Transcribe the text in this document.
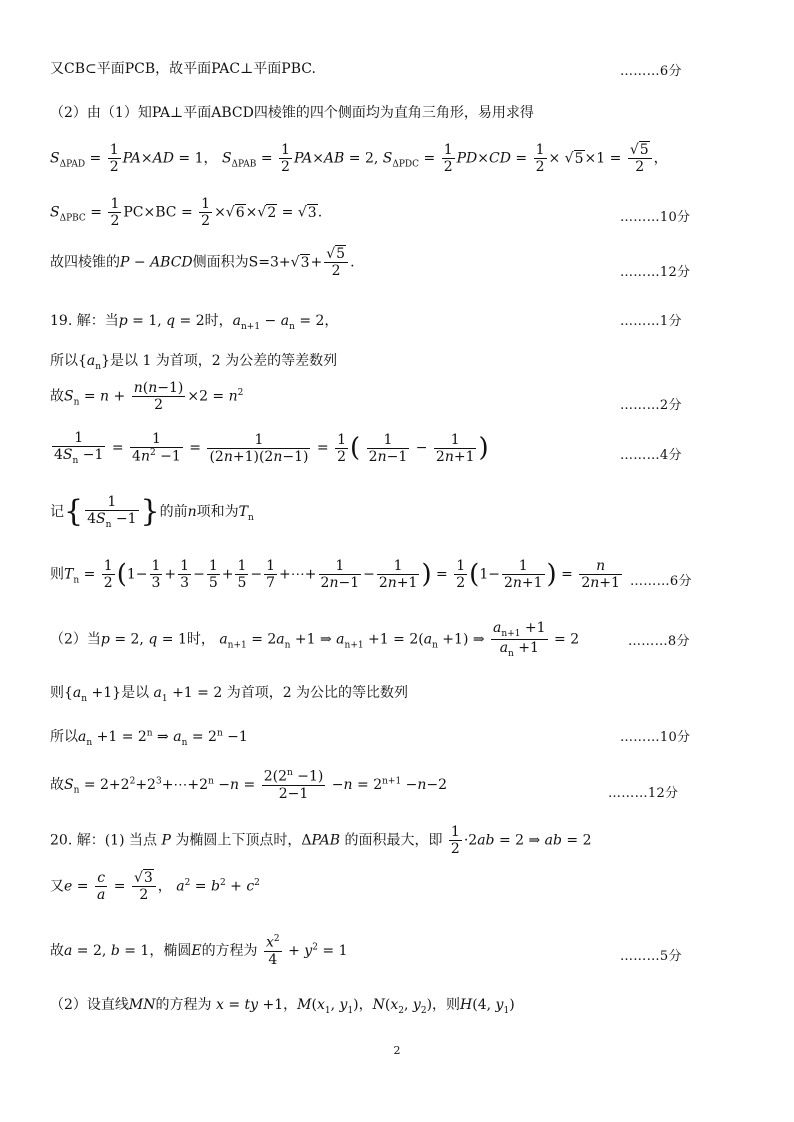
又CB⊂平面PCB，故平面PAC⊥平面PBC.	………6分
（2）由（1）知PA⊥平面ABCD四棱锥的四个侧面均为直角三角形，易用求得
$S_{\Delta PAD} = \frac{1}{2} PA\times AD = 1$， $S_{\Delta PAB} = \frac{1}{2} PA\times AB = 2$, $S_{\Delta PDC} = \frac{1}{2} PD\times CD = \frac{1}{2} \times √5\times 1 = \frac{√5}{2}$ ，
$S_{\Delta PBC} = \frac{1}{2} PC\times BC = \frac{1}{2} \times√6\times√2 = √3$.	………10分
故四棱锥的P − ABCD侧面积为$S=3+√3+ \frac{√5}{2}$ .
………12分
19. 解：当p = 1, q = 2时，$a_{n+1} - a_n = 2$，	………1分
所以$\{a_n\}$是以 1 为首项，2 为公差的等差数列
故$S_n = n + \frac{n(n-1)}{2} \times 2 = n^2$
………2分
$\frac{1}{4S_n -1} = \frac{1}{4n^2 -1} = \frac{1}{(2n+1)(2n-1)} = \frac{1}{2}$ ( $\frac{1}{2n-1} - \frac{1}{2n+1}$ )	………4分
记{ $\frac{1}{4S_n -1}$ }的前n项和为$T_n$
则$T_n = \frac{1}{2} (1- \frac{1}{3} + \frac{1}{3} - \frac{1}{5} + \frac{1}{5} - \frac{1}{7}$ +⋯+ $\frac{1}{2n-1} - \frac{1}{2n+1}$ ) = $\frac{1}{2} (1- \frac{1}{2n+1}$ ) = $\frac{n}{2n+1}$ ………6分
（2）当p = 2, q = 1时， $a_{n+1} = 2a_n +1$ ⇒ $a_{n+1} +1 = 2(a_n +1)$ ⇒ $\frac{a_{n+1} +1}{a_n +1} = 2$	………8分
则$\{a_n +1\}$是以 $a_1 +1 = 2$ 为首项，2 为公比的等比数列
所以$a_n +1 = 2^n$ ⇒ $a_n = 2^n -1$	………10分
故$S_n$ = $2+2^2+2^3+\cdots+2^n -n = \frac{2(2^n -1)}{2-1} -n = 2^{n+1} -n-2$
………12分
20. 解：(1) 当点 P 为椭圆上下顶点时，ΔPAB 的面积最大，即 $\frac{1}{2} \cdot 2ab = 2$ ⇒ ab = 2
又$e = \frac{c}{a} = \frac{√3}{2}$ ， $a^2 = b^2 + c^2$
故a = 2, b = 1，椭圆E的方程为 $\frac{x^2}{4} + y^2 = 1$	………5分
（2）设直线MN的方程为 x = ty +1，$M(x_1$, $y_1$)，$N(x_2$, $y_2$)，则H(4, $y_1$)
2
